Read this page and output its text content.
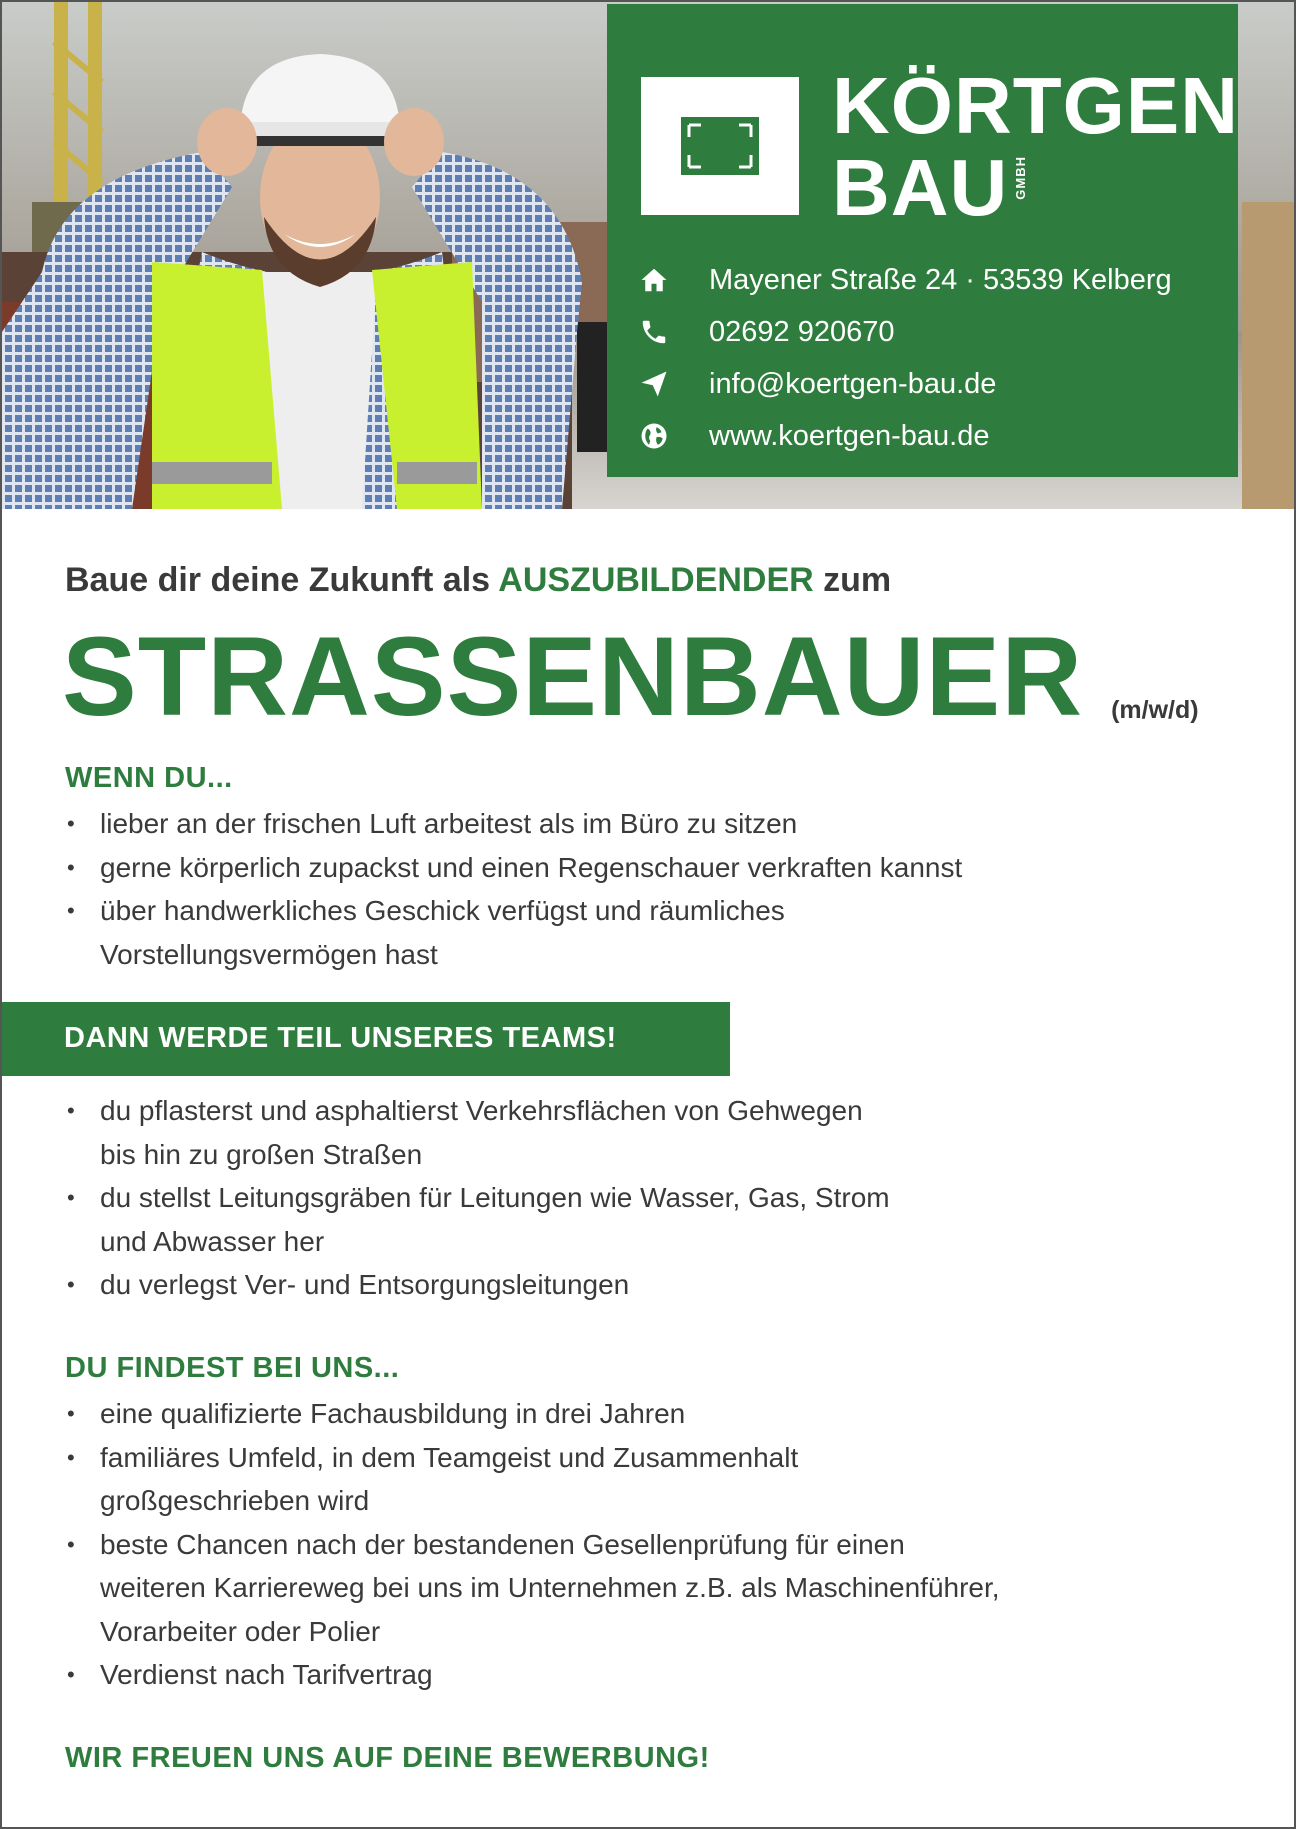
KÖRTGEN
BAU GMBH
Mayener Straße 24 · 53539 Kelberg
02692 920670
info@koertgen-bau.de
www.koertgen-bau.de
Baue dir deine Zukunft als AUSZUBILDENDER zum
STRASSENBAUER (m/w/d)
WENN DU...
• lieber an der frischen Luft arbeitest als im Büro zu sitzen
• gerne körperlich zupackst und einen Regenschauer verkraften kannst
• über handwerkliches Geschick verfügst und räumliches
Vorstellungsvermögen hast
DANN WERDE TEIL UNSERES TEAMS!
• du pflasterst und asphaltierst Verkehrsflächen von Gehwegen
bis hin zu großen Straßen
• du stellst Leitungsgräben für Leitungen wie Wasser, Gas, Strom
und Abwasser her
• du verlegst Ver- und Entsorgungsleitungen
DU FINDEST BEI UNS...
• eine qualifizierte Fachausbildung in drei Jahren
• familiäres Umfeld, in dem Teamgeist und Zusammenhalt
großgeschrieben wird
• beste Chancen nach der bestandenen Gesellenprüfung für einen
weiteren Karriereweg bei uns im Unternehmen z.B. als Maschinenführer,
Vorarbeiter oder Polier
• Verdienst nach Tarifvertrag
WIR FREUEN UNS AUF DEINE BEWERBUNG!
